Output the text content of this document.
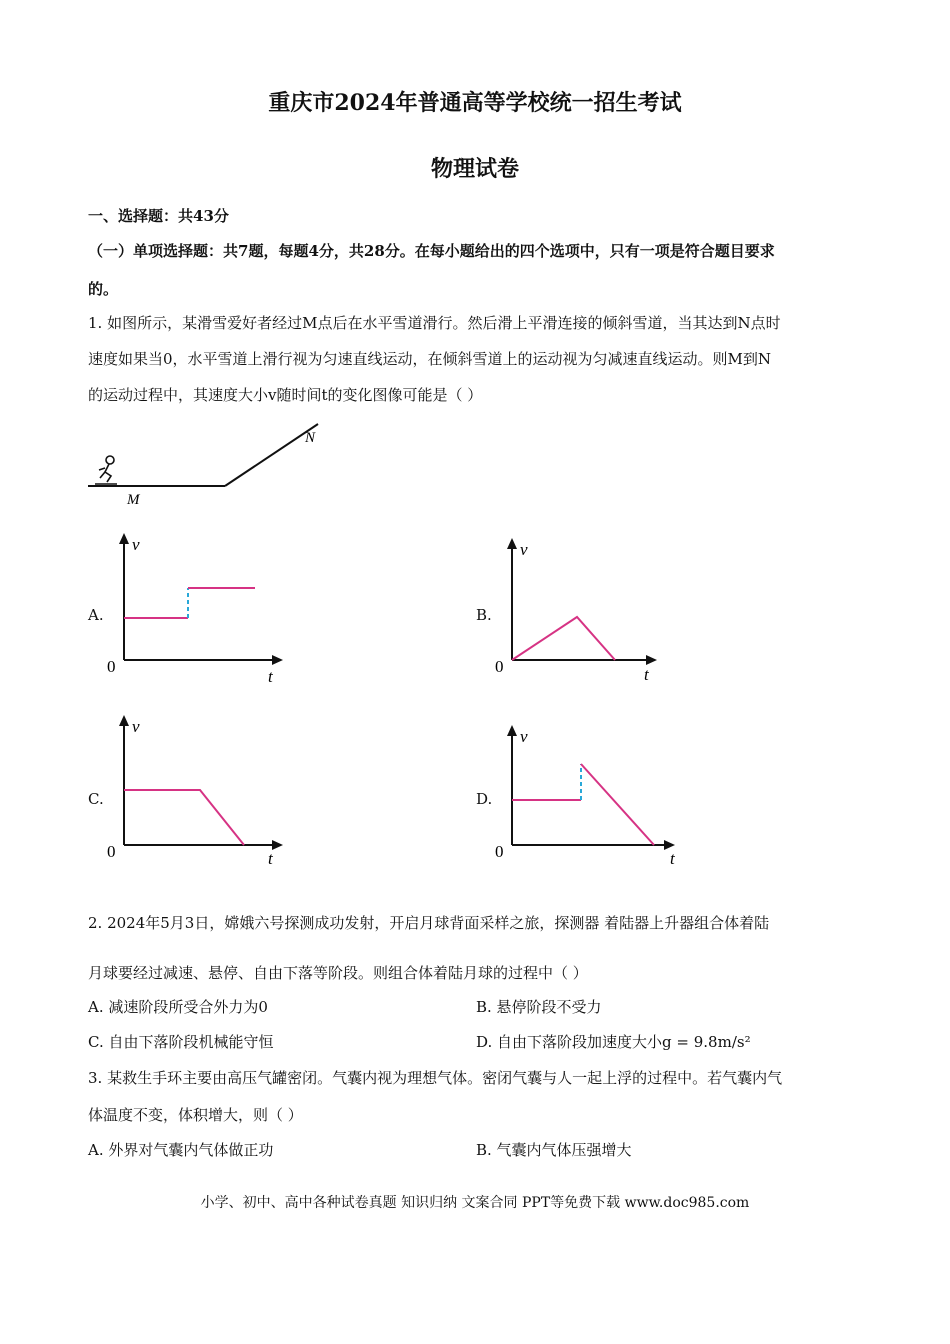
重庆市2024年普通高等学校统一招生考试
物理试卷
一、选择题：共43分
（一）单项选择题：共7题，每题4分，共28分。在每小题给出的四个选项中，只有一项是符合题目要求
的。
1. 如图所示，某滑雪爱好者经过M点后在水平雪道滑行。然后滑上平滑连接的倾斜雪道，当其达到N点时
速度如果当0，水平雪道上滑行视为匀速直线运动，在倾斜雪道上的运动视为匀减速直线运动。则M到N
的运动过程中，其速度大小v随时间t的变化图像可能是（ ）
M
N
A.
v
t
0
B.
v
t
0
C.
v
t
0
D.
v
t
0
2. 2024年5月3日，嫦娥六号探测成功发射，开启月球背面采样之旅，探测器 着陆器上升器组合体着陆
月球要经过减速、悬停、自由下落等阶段。则组合体着陆月球的过程中（ ）
A. 减速阶段所受合外力为0	B. 悬停阶段不受力
C. 自由下落阶段机械能守恒	D. 自由下落阶段加速度大小g = 9.8m/s²
3. 某救生手环主要由高压气罐密闭。气囊内视为理想气体。密闭气囊与人一起上浮的过程中。若气囊内气
体温度不变，体积增大，则（ ）
A. 外界对气囊内气体做正功	B. 气囊内气体压强增大
小学、初中、高中各种试卷真题 知识归纳 文案合同 PPT等免费下载 www.doc985.com
